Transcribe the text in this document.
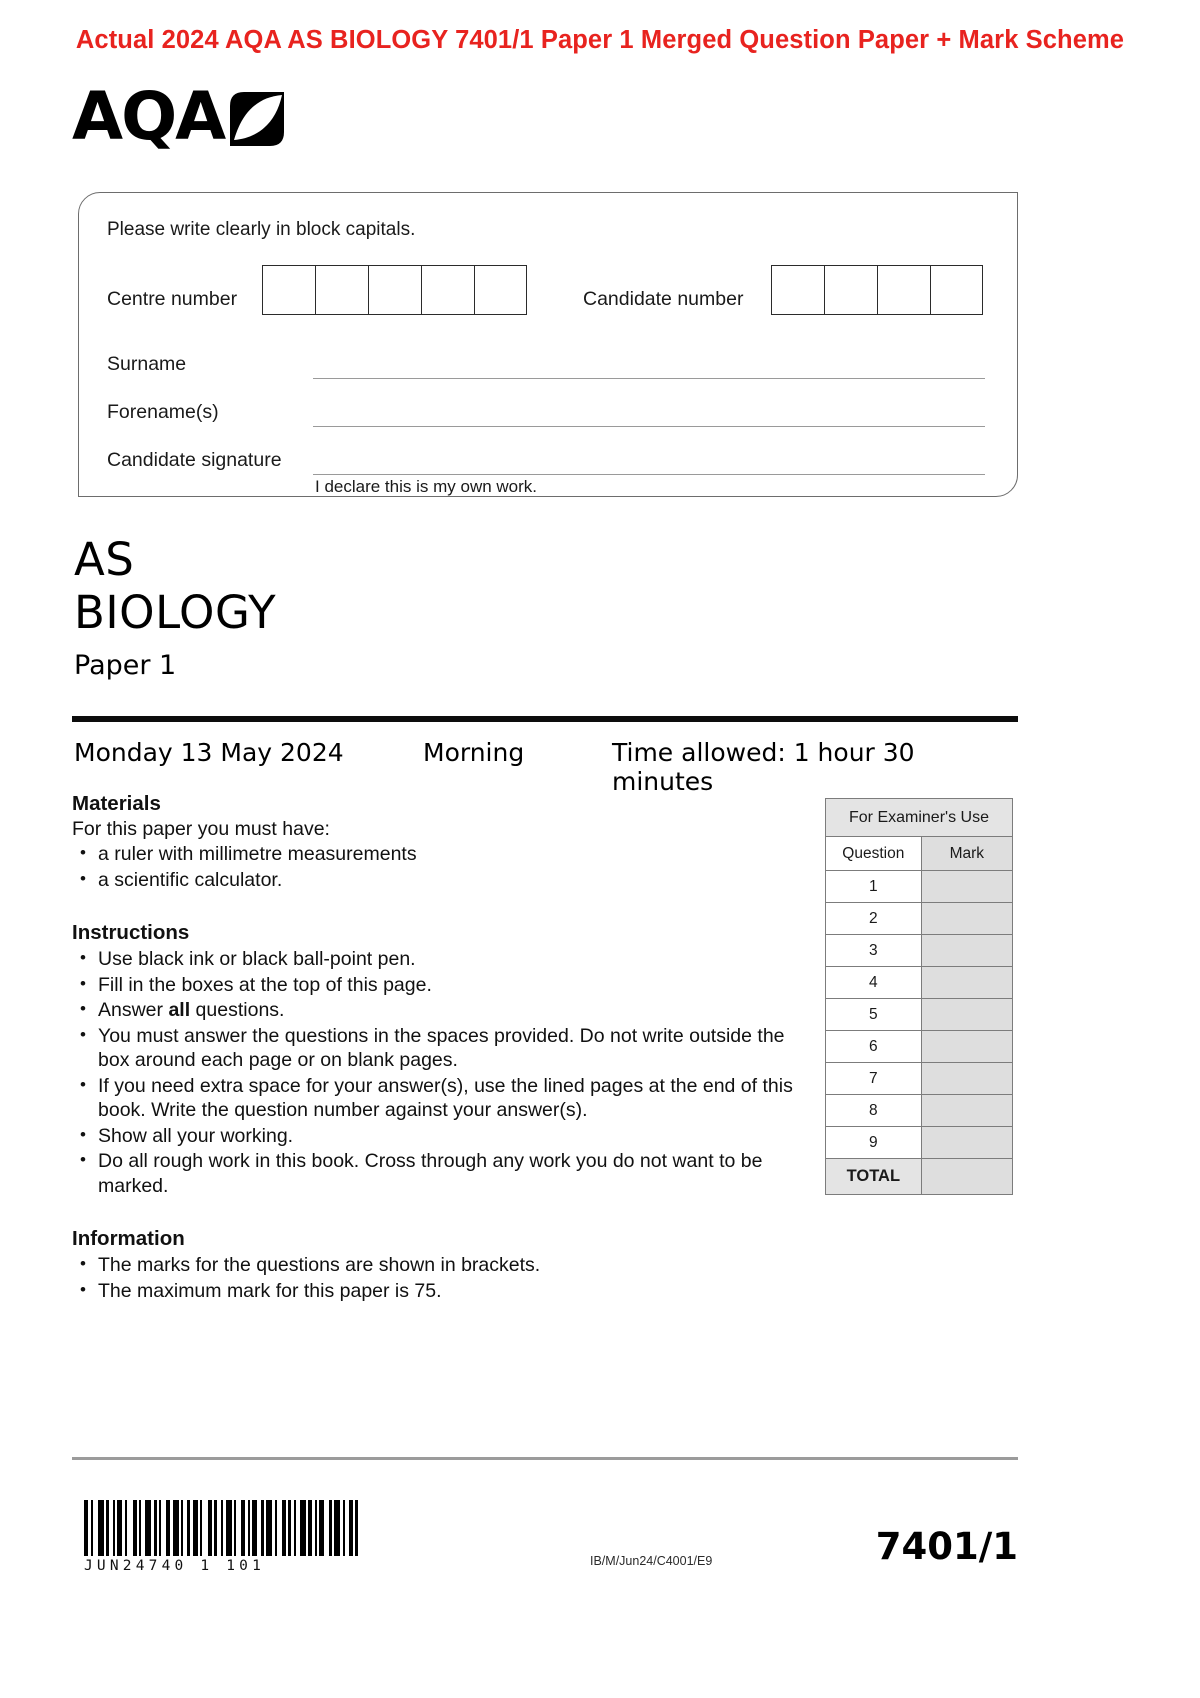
Actual 2024 AQA AS BIOLOGY 7401/1 Paper 1 Merged Question Paper + Mark Scheme
AQA
Please write clearly in block capitals.
Centre number	Candidate number
Surname
Forename(s)
Candidate signature
I declare this is my own work.
AS
BIOLOGY
Paper 1
Monday 13 May 2024	Morning	Time allowed: 1 hour 30 minutes
Materials
For this paper you must have:
• a ruler with millimetre measurements
• a scientific calculator.
Instructions
• Use black ink or black ball-point pen.
• Fill in the boxes at the top of this page.
• Answer all questions.
• You must answer the questions in the spaces provided. Do not write outside the box around each page or on blank pages.
• If you need extra space for your answer(s), use the lined pages at the end of this book. Write the question number against your answer(s).
• Show all your working.
• Do all rough work in this book. Cross through any work you do not want to be marked.
Information
• The marks for the questions are shown in brackets.
• The maximum mark for this paper is 75.
For Examiner's Use	
Question	Mark
1	
2	
3	
4	
5	
6	
7	
8	
9	
TOTAL	
JUN24740 1 101	IB/M/Jun24/C4001/E9	7401/1
